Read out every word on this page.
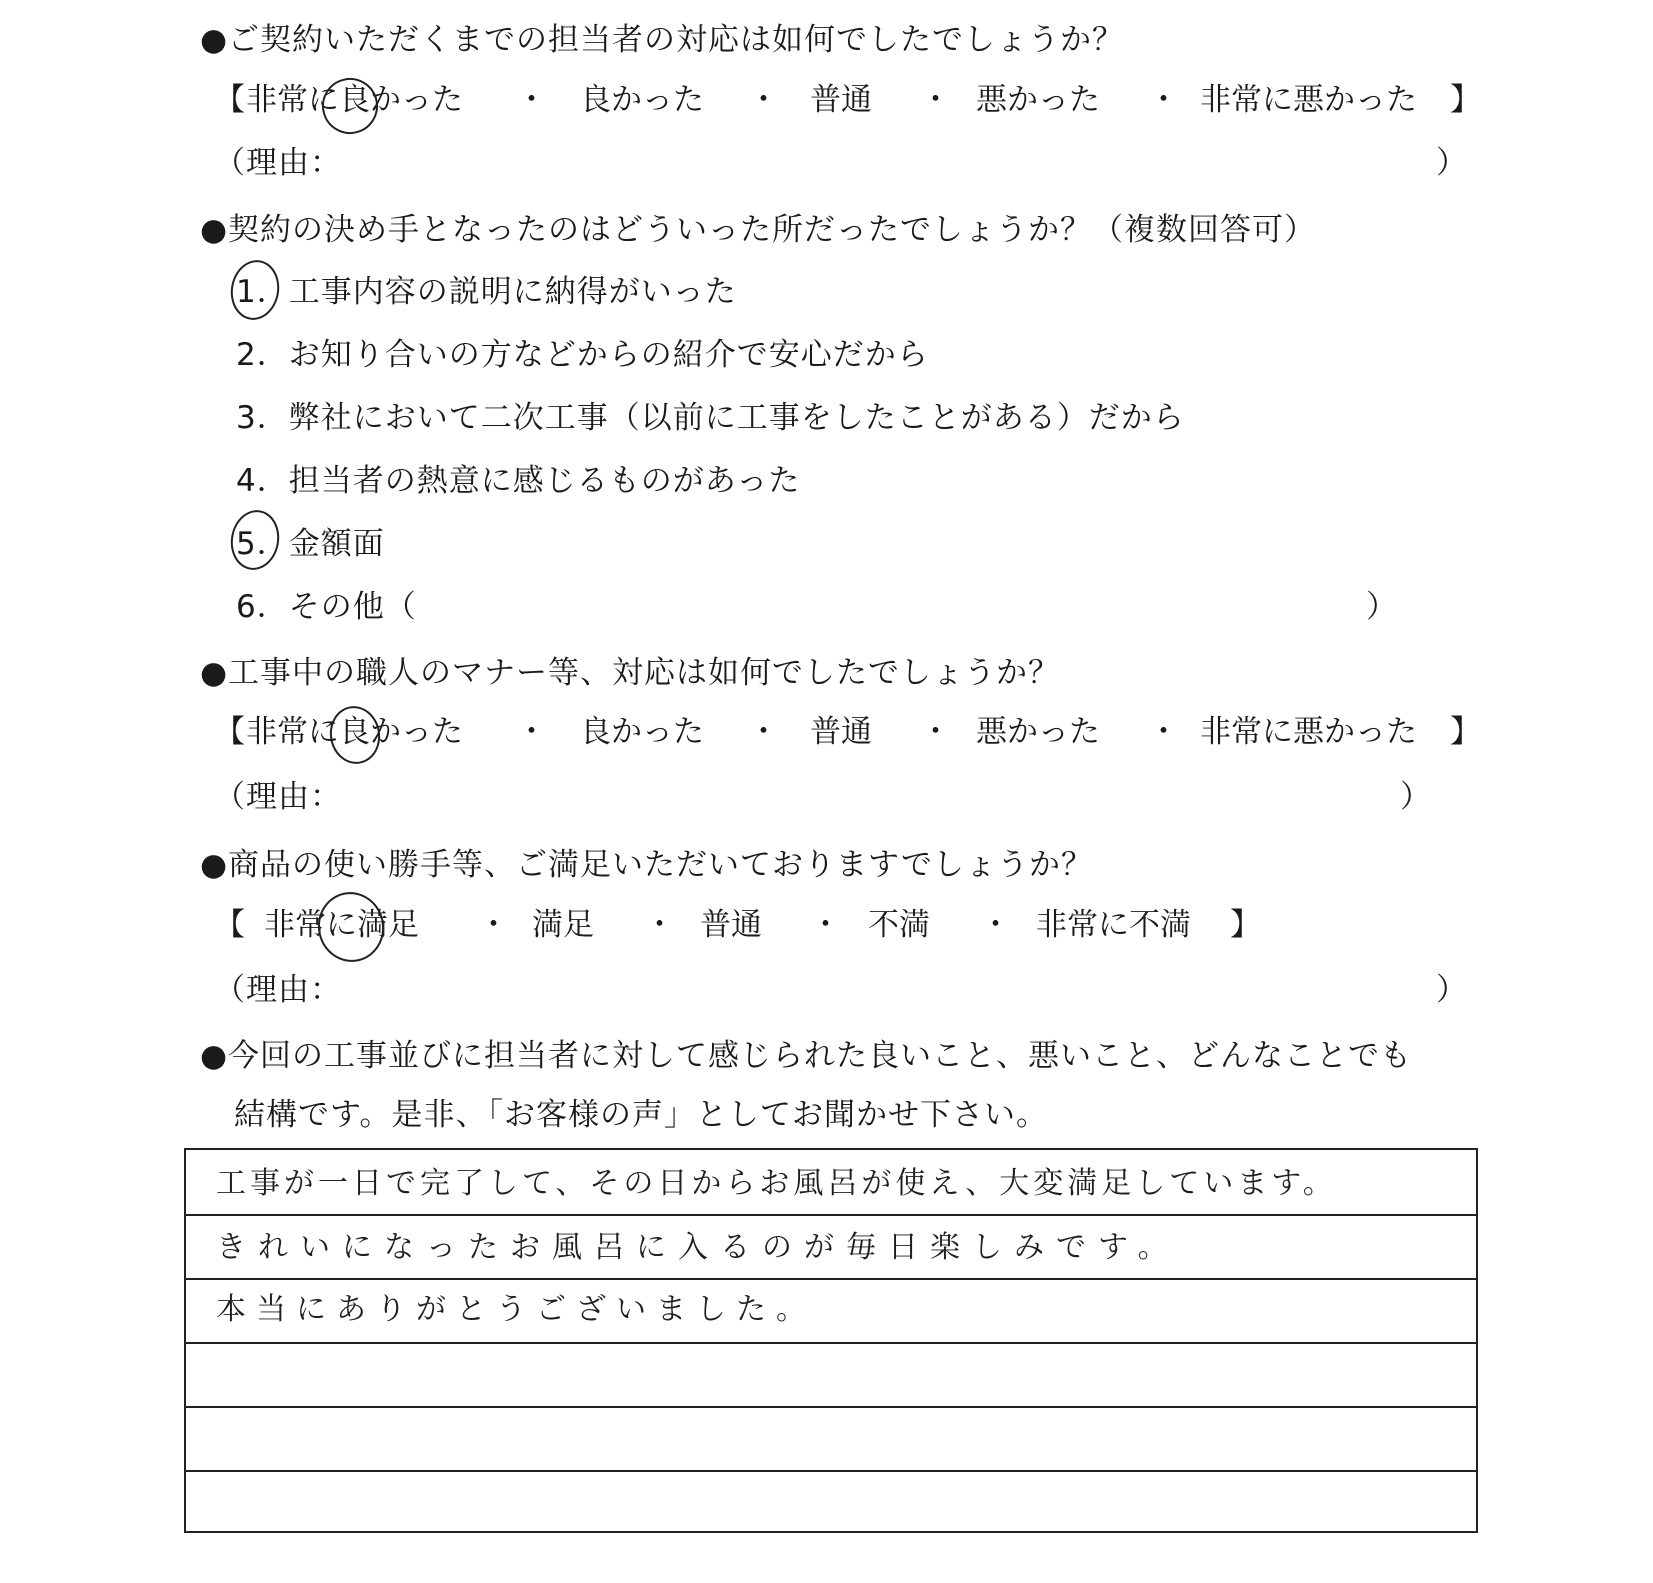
●ご契約いただくまでの担当者の対応は如何でしたでしょうか？
【 非常に良かった ・ 良かった ・ 普通 ・ 悪かった ・ 非常に悪かった 】
（理由：	）
●契約の決め手となったのはどういった所だったでしょうか？（複数回答可）
1．工事内容の説明に納得がいった
2．お知り合いの方などからの紹介で安心だから
3．弊社において二次工事（以前に工事をしたことがある）だから
4．担当者の熱意に感じるものがあった
5．金額面
6．その他（	）
●工事中の職人のマナー等、対応は如何でしたでしょうか？
【 非常に良かった ・ 良かった ・ 普通 ・ 悪かった ・ 非常に悪かった 】
（理由：	）
●商品の使い勝手等、ご満足いただいておりますでしょうか？
【 非常に満足 ・ 満足 ・ 普通 ・ 不満 ・ 非常に不満 】
（理由：	）
●今回の工事並びに担当者に対して感じられた良いこと、悪いこと、どんなことでも
結構です。是非、「お客様の声」としてお聞かせ下さい。
工事が一日で完了して、その日からお風呂が使え、大変満足しています。
きれいになったお風呂に入るのが毎日楽しみです。
本当にありがとうございました。
